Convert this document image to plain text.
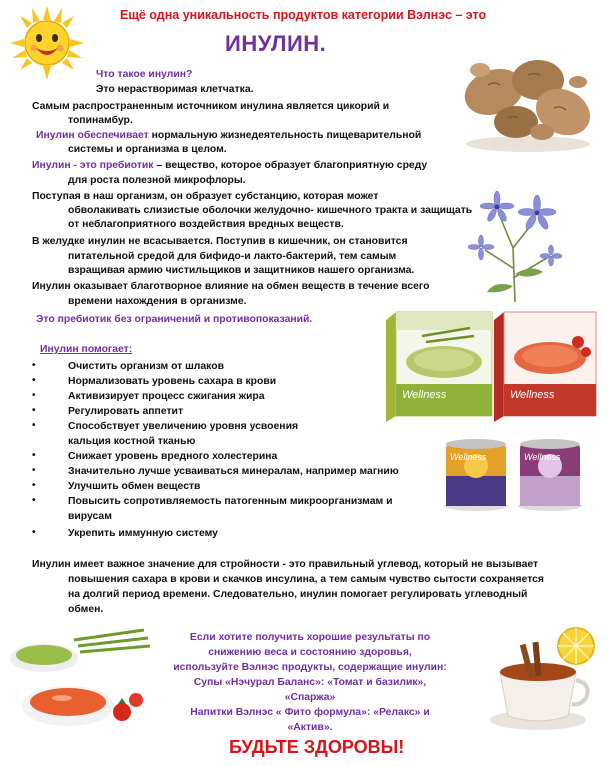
Ещё одна уникальность продуктов категории Вэлнэс – это
ИНУЛИН.
Что такое инулин?
Это нерастворимая клетчатка.
Самым распространенным источником инулина является цикорий и
топинамбур.
Инулин обеспечивает нормальную жизнедеятельность пищеварительной
системы и организма в целом.
Инулин - это пребиотик – вещество, которое образует благоприятную среду
для роста полезной микрофлоры.
Поступая в наш организм, он образует субстанцию, которая может
обволакивать слизистые оболочки желудочно- кишечного тракта и защищать
от неблагоприятного воздействия вредных веществ.
В желудке инулин не всасывается. Поступив в кишечник, он становится
питательной средой для бифидо-и лакто-бактерий, тем самым
взращивая армию чистильщиков и защитников нашего организма.
Инулин оказывает благотворное влияние на обмен веществ в течение всего
времени нахождения в организме.
Это пребиотик без ограничений и противопоказаний.
Wellness	Wellness
Wellness	Wellness
Инулин помогает:
•	Очистить организм от шлаков
•	Нормализовать уровень сахара в крови
•	Активизирует процесс сжигания жира
•	Регулировать аппетит
•	Способствует увеличению уровня усвоения
кальция костной тканью
•	Снижает уровень вредного холестерина
•	Значительно лучше усваиваться минералам, например магнию
•	Улучшить обмен веществ
•	Повысить сопротивляемость патогенным микроорганизмам и
вирусам
•	Укрепить иммунную систему
Инулин имеет важное значение для стройности - это правильный углевод, который не вызывает
повышения сахара в крови и скачков инсулина, а тем самым чувство сытости сохраняется
на долгий период времени. Следовательно, инулин помогает регулировать углеводный
обмен.
Если хотите получить хорошие результаты по
снижению веса и состоянию здоровья,
используйте Вэлнэс продукты, содержащие инулин:
Супы «Нэчурал Баланс»: «Томат и базилик»,
«Спаржа»
Напитки Вэлнэс « Фито формула»: «Релакс» и
«Актив».
БУДЬТЕ ЗДОРОВЫ!
